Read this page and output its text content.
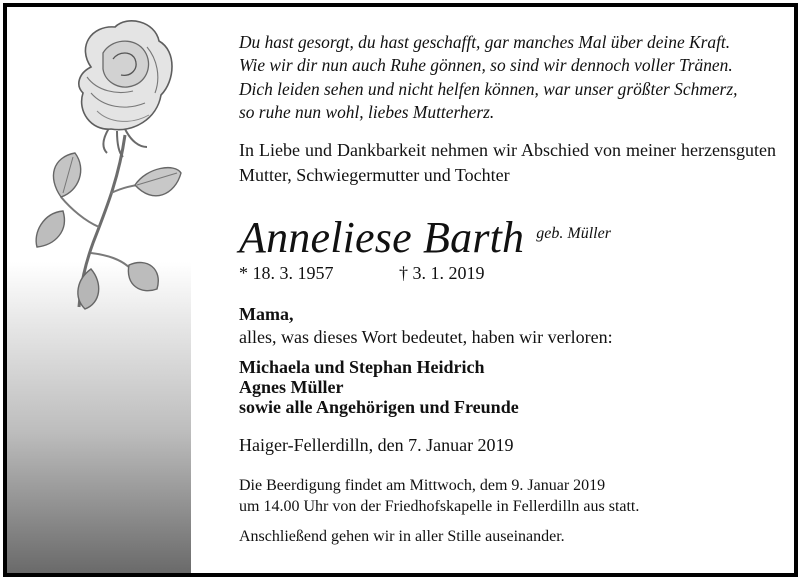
Du hast gesorgt, du hast geschafft, gar manches Mal über deine Kraft.
Wie wir dir nun auch Ruhe gönnen, so sind wir dennoch voller Tränen.
Dich leiden sehen und nicht helfen können, war unser größter Schmerz,
so ruhe nun wohl, liebes Mutterherz.
In Liebe und Dankbarkeit nehmen wir Abschied von meiner herzensguten Mutter, Schwiegermutter und Tochter
Anneliese Barth geb. Müller
* 18. 3. 1957	† 3. 1. 2019
Mama,
alles, was dieses Wort bedeutet, haben wir verloren:
Michaela und Stephan Heidrich
Agnes Müller
sowie alle Angehörigen und Freunde
Haiger-Fellerdilln, den 7. Januar 2019
Die Beerdigung findet am Mittwoch, dem 9. Januar 2019
um 14.00 Uhr von der Friedhofskapelle in Fellerdilln aus statt.
Anschließend gehen wir in aller Stille auseinander.
